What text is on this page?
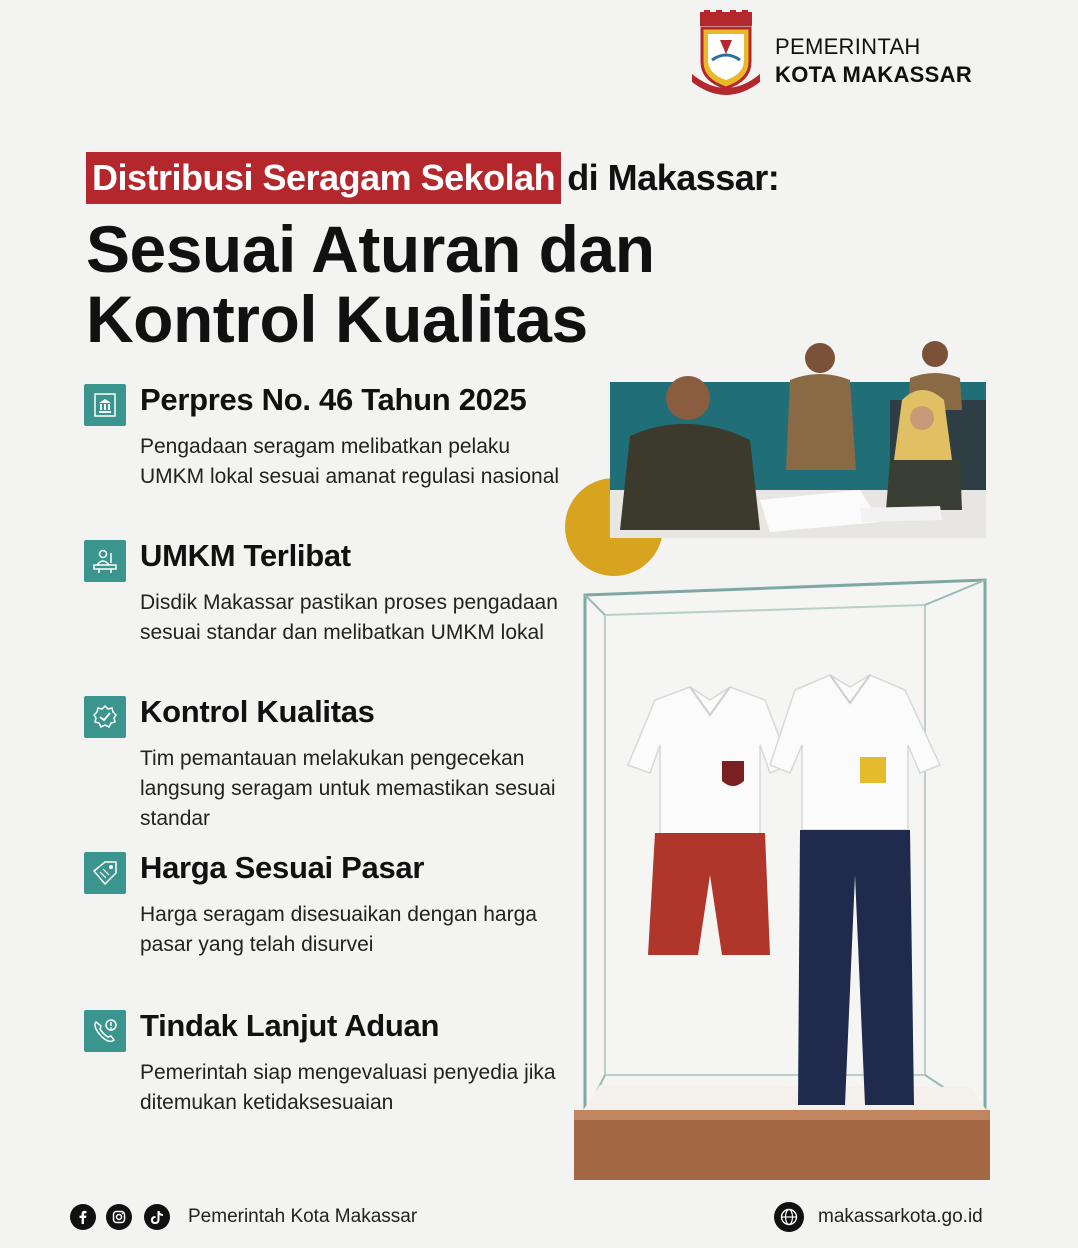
PEMERINTAH
KOTA MAKASSAR
Distribusi Seragam Sekolah di Makassar:
Sesuai Aturan dan
Kontrol Kualitas
Perpres No. 46 Tahun 2025
Pengadaan seragam melibatkan pelaku UMKM lokal sesuai amanat regulasi nasional
UMKM Terlibat
Disdik Makassar pastikan proses pengadaan sesuai standar dan melibatkan UMKM lokal
Kontrol Kualitas
Tim pemantauan melakukan pengecekan langsung seragam untuk memastikan sesuai standar
Harga Sesuai Pasar
Harga seragam disesuaikan dengan harga pasar yang telah disurvei
Tindak Lanjut Aduan
Pemerintah siap mengevaluasi penyedia jika ditemukan ketidaksesuaian
Pemerintah Kota Makassar	makassarkota.go.id
